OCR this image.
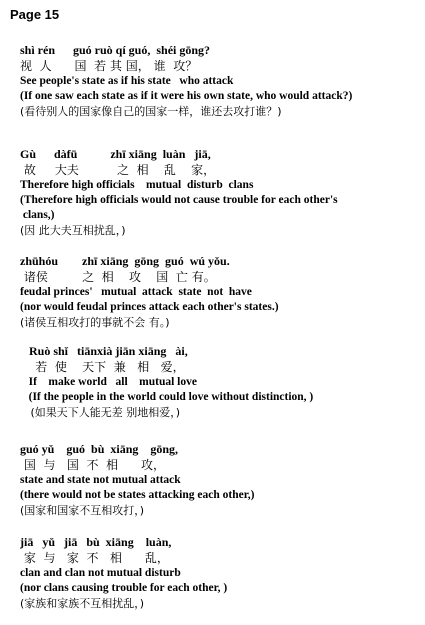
Page 15
shì rén      guó ruò qí guó,  shéi gōng?
视  人      国  若 其 国， 谁  攻？
See people's state as if his state   who attack
(If one saw each state as if it were his own state, who would attack?)
(看待别人的国家像自己的国家一样，谁还去攻打谁？)
Gù      dàfū           zhī xiāng  luàn   jiā,
故     大夫          之  相    乱    家，
Therefore high officials    mutual  disturb  clans
(Therefore high officials would not cause trouble for each other's
clans,)
(因 此大夫互相扰乱，)
zhūhóu        zhī xiāng  gōng  guó  wú yǒu.
诸侯         之  相    攻    国  亡 有。
feudal princes'   mutual  attack  state  not  have
(nor would feudal princes attack each other's states.)
(诸侯互相攻打的事就不会 有。)
Ruò shǐ   tiānxià jiān xiāng   ài,
若  使    天下  兼   相   爱，
If    make world   all    mutual love
(If the people in the world could love without distinction, )
(如果天下人能无差 别地相爱，)
guó yǔ    guó  bù  xiāng    gōng,
国  与   国  不  相      攻，
state and state not mutual attack
(there would not be states attacking each other,)
(国家和国家不互相攻打，)
jiā   yǔ   jiā   bù  xiāng    luàn,
家  与   家  不   相      乱，
clan and clan not mutual disturb
(nor clans causing trouble for each other, )
(家族和家族不互相扰乱，)
